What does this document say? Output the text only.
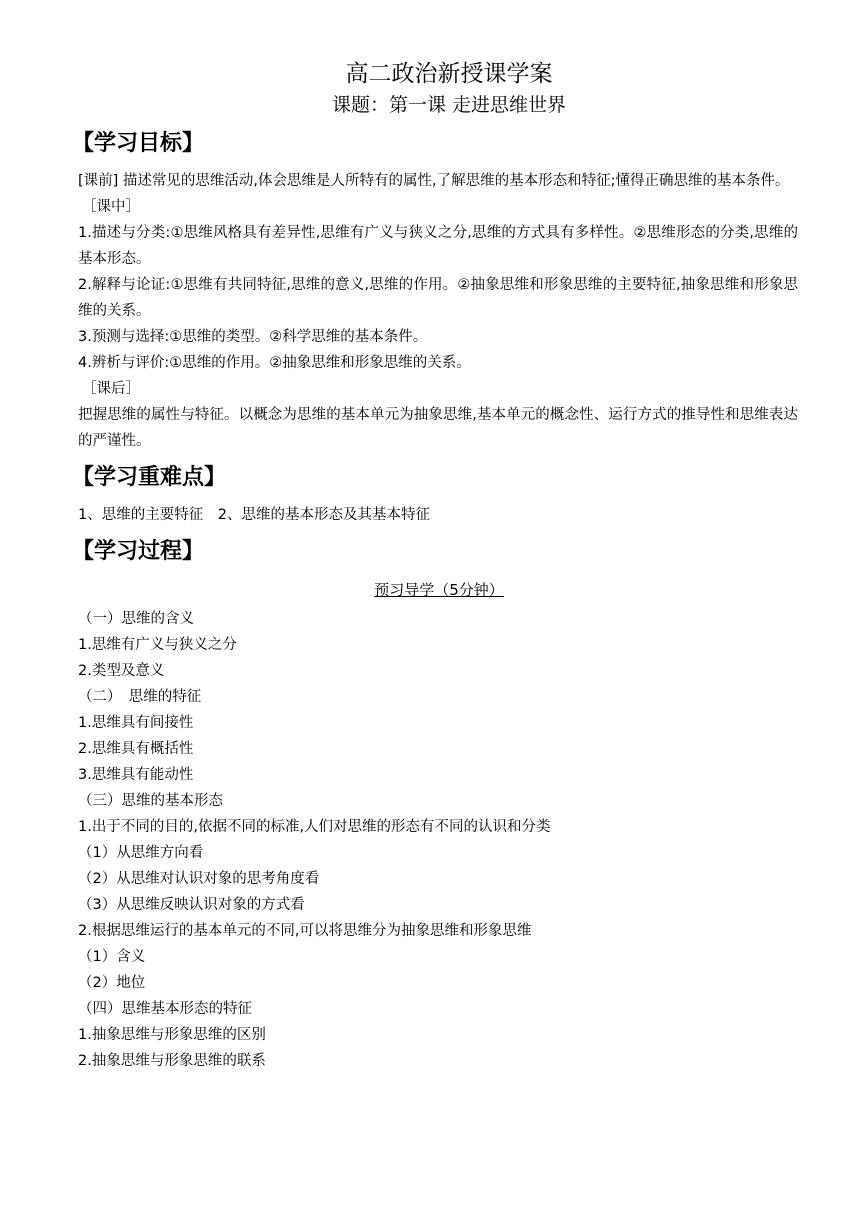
高二政治新授课学案
课题：第一课 走进思维世界
【学习目标】

[课前] 描述常见的思维活动,体会思维是人所特有的属性,了解思维的基本形态和特征;懂得正确思维的基本条件。

［课中］

1.描述与分类:①思维风格具有差异性,思维有广义与狭义之分,思维的方式具有多样性。②思维形态的分类,思维的基本形态。

2.解释与论证:①思维有共同特征,思维的意义,思维的作用。②抽象思维和形象思维的主要特征,抽象思维和形象思维的关系。

3.预测与选择:①思维的类型。②科学思维的基本条件。

4.辨析与评价:①思维的作用。②抽象思维和形象思维的关系。

［课后］

把握思维的属性与特征。以概念为思维的基本单元为抽象思维,基本单元的概念性、运行方式的推导性和思维表达的严谨性。

【学习重难点】

1、思维的主要特征　2、思维的基本形态及其基本特征

【学习过程】
预习导学（5分钟）

（一）思维的含义

1.思维有广义与狭义之分

2.类型及意义

（二）　思维的特征

1.思维具有间接性

2.思维具有概括性

3.思维具有能动性

（三）思维的基本形态

1.出于不同的目的,依据不同的标准,人们对思维的形态有不同的认识和分类

（1）从思维方向看

（2）从思维对认识对象的思考角度看

（3）从思维反映认识对象的方式看

2.根据思维运行的基本单元的不同,可以将思维分为抽象思维和形象思维

（1）含义

（2）地位

（四）思维基本形态的特征

1.抽象思维与形象思维的区别

2.抽象思维与形象思维的联系
